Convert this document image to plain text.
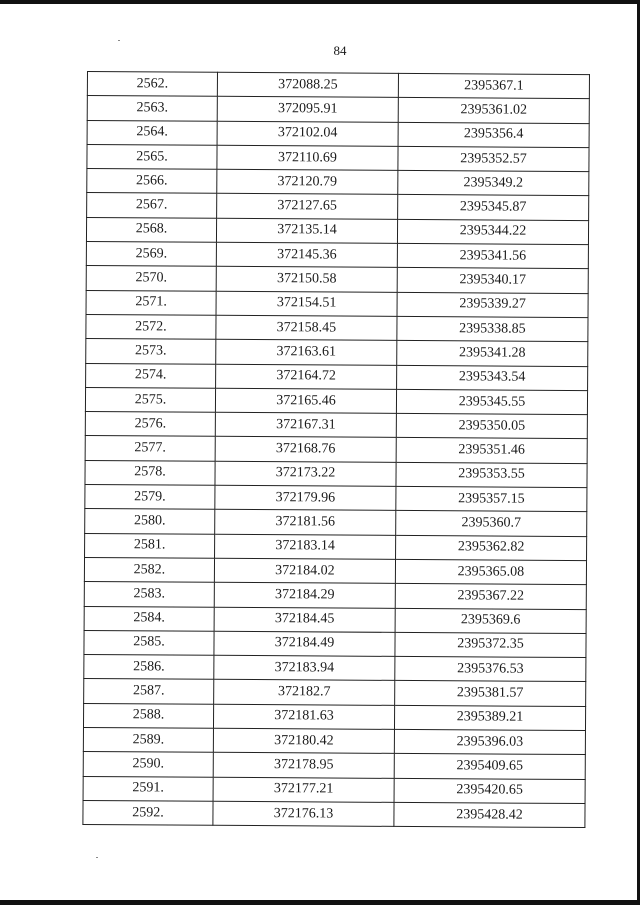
84
2562.	372088.25	2395367.1
2563.	372095.91	2395361.02
2564.	372102.04	2395356.4
2565.	372110.69	2395352.57
2566.	372120.79	2395349.2
2567.	372127.65	2395345.87
2568.	372135.14	2395344.22
2569.	372145.36	2395341.56
2570.	372150.58	2395340.17
2571.	372154.51	2395339.27
2572.	372158.45	2395338.85
2573.	372163.61	2395341.28
2574.	372164.72	2395343.54
2575.	372165.46	2395345.55
2576.	372167.31	2395350.05
2577.	372168.76	2395351.46
2578.	372173.22	2395353.55
2579.	372179.96	2395357.15
2580.	372181.56	2395360.7
2581.	372183.14	2395362.82
2582.	372184.02	2395365.08
2583.	372184.29	2395367.22
2584.	372184.45	2395369.6
2585.	372184.49	2395372.35
2586.	372183.94	2395376.53
2587.	372182.7	2395381.57
2588.	372181.63	2395389.21
2589.	372180.42	2395396.03
2590.	372178.95	2395409.65
2591.	372177.21	2395420.65
2592.	372176.13	2395428.42
